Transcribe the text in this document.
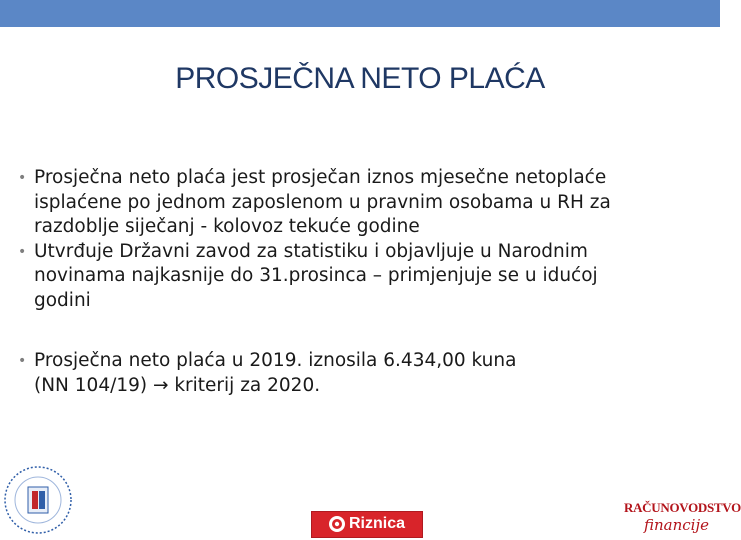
PROSJEČNA NETO PLAĆA
• Prosječna neto plaća jest prosječan iznos mjesečne netoplaće
isplaćene po jednom zaposlenom u pravnim osobama u RH za
razdoblje siječanj - kolovoz tekuće godine
• Utvrđuje Državni zavod za statistiku i objavljuje u Narodnim
novinama najkasnije do 31.prosinca – primjenjuje se u idućoj
godini
• Prosječna neto plaća u 2019. iznosila 6.434,00 kuna
(NN 104/19) → kriterij za 2020.
Riznica
RAČUNOVODSTVO
financije
